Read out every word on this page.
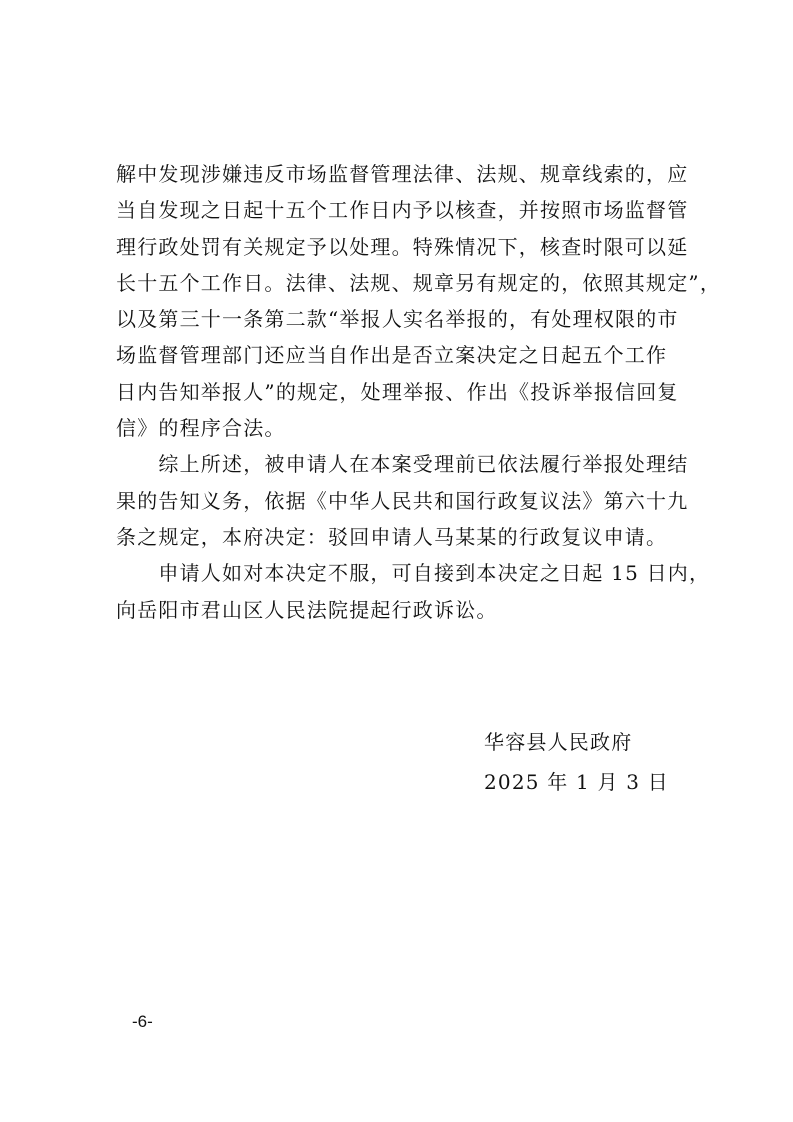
解中发现涉嫌违反市场监督管理法律、法规、规章线索的，应
当自发现之日起十五个工作日内予以核查，并按照市场监督管
理行政处罚有关规定予以处理。特殊情况下，核查时限可以延
长十五个工作日。法律、法规、规章另有规定的，依照其规定”，
以及第三十一条第二款“举报人实名举报的，有处理权限的市
场监督管理部门还应当自作出是否立案决定之日起五个工作
日内告知举报人”的规定，处理举报、作出《投诉举报信回复
信》的程序合法。
　　综上所述，被申请人在本案受理前已依法履行举报处理结
果的告知义务，依据《中华人民共和国行政复议法》第六十九
条之规定，本府决定：驳回申请人马某某的行政复议申请。
　　申请人如对本决定不服，可自接到本决定之日起 15 日内，
向岳阳市君山区人民法院提起行政诉讼。
华容县人民政府
2025 年 1 月 3 日
-6-
